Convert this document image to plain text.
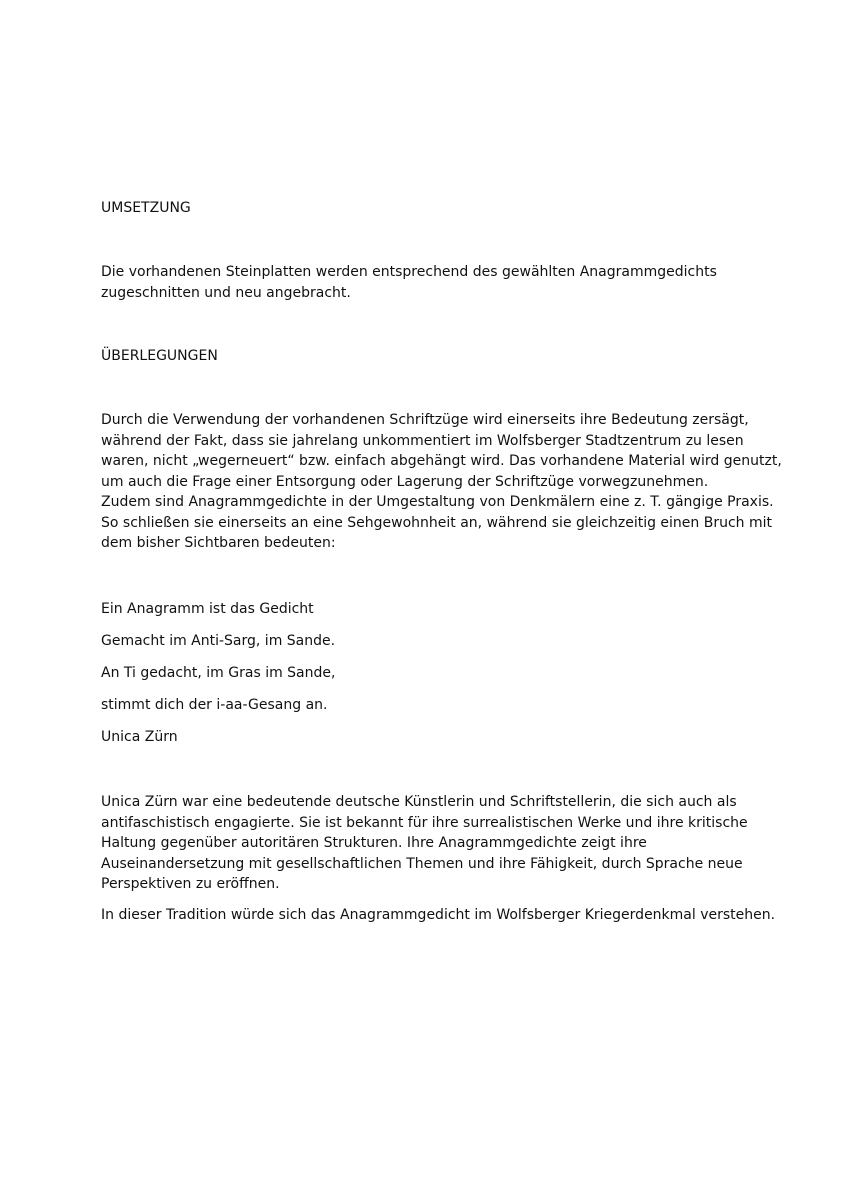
UMSETZUNG

Die vorhandenen Steinplatten werden entsprechend des gewählten Anagrammgedichts
zugeschnitten und neu angebracht.

ÜBERLEGUNGEN

Durch die Verwendung der vorhandenen Schriftzüge wird einerseits ihre Bedeutung zersägt,
während der Fakt, dass sie jahrelang unkommentiert im Wolfsberger Stadtzentrum zu lesen
waren, nicht „wegerneuert“ bzw. einfach abgehängt wird. Das vorhandene Material wird genutzt,
um auch die Frage einer Entsorgung oder Lagerung der Schriftzüge vorwegzunehmen.
Zudem sind Anagrammgedichte in der Umgestaltung von Denkmälern eine z. T. gängige Praxis.
So schließen sie einerseits an eine Sehgewohnheit an, während sie gleichzeitig einen Bruch mit
dem bisher Sichtbaren bedeuten:

Ein Anagramm ist das Gedicht

Gemacht im Anti-Sarg, im Sande.

An Ti gedacht, im Gras im Sande,

stimmt dich der i-aa-Gesang an.

Unica Zürn

Unica Zürn war eine bedeutende deutsche Künstlerin und Schriftstellerin, die sich auch als
antifaschistisch engagierte. Sie ist bekannt für ihre surrealistischen Werke und ihre kritische
Haltung gegenüber autoritären Strukturen. Ihre Anagrammgedichte zeigt ihre
Auseinandersetzung mit gesellschaftlichen Themen und ihre Fähigkeit, durch Sprache neue
Perspektiven zu eröffnen.

In dieser Tradition würde sich das Anagrammgedicht im Wolfsberger Kriegerdenkmal verstehen.
